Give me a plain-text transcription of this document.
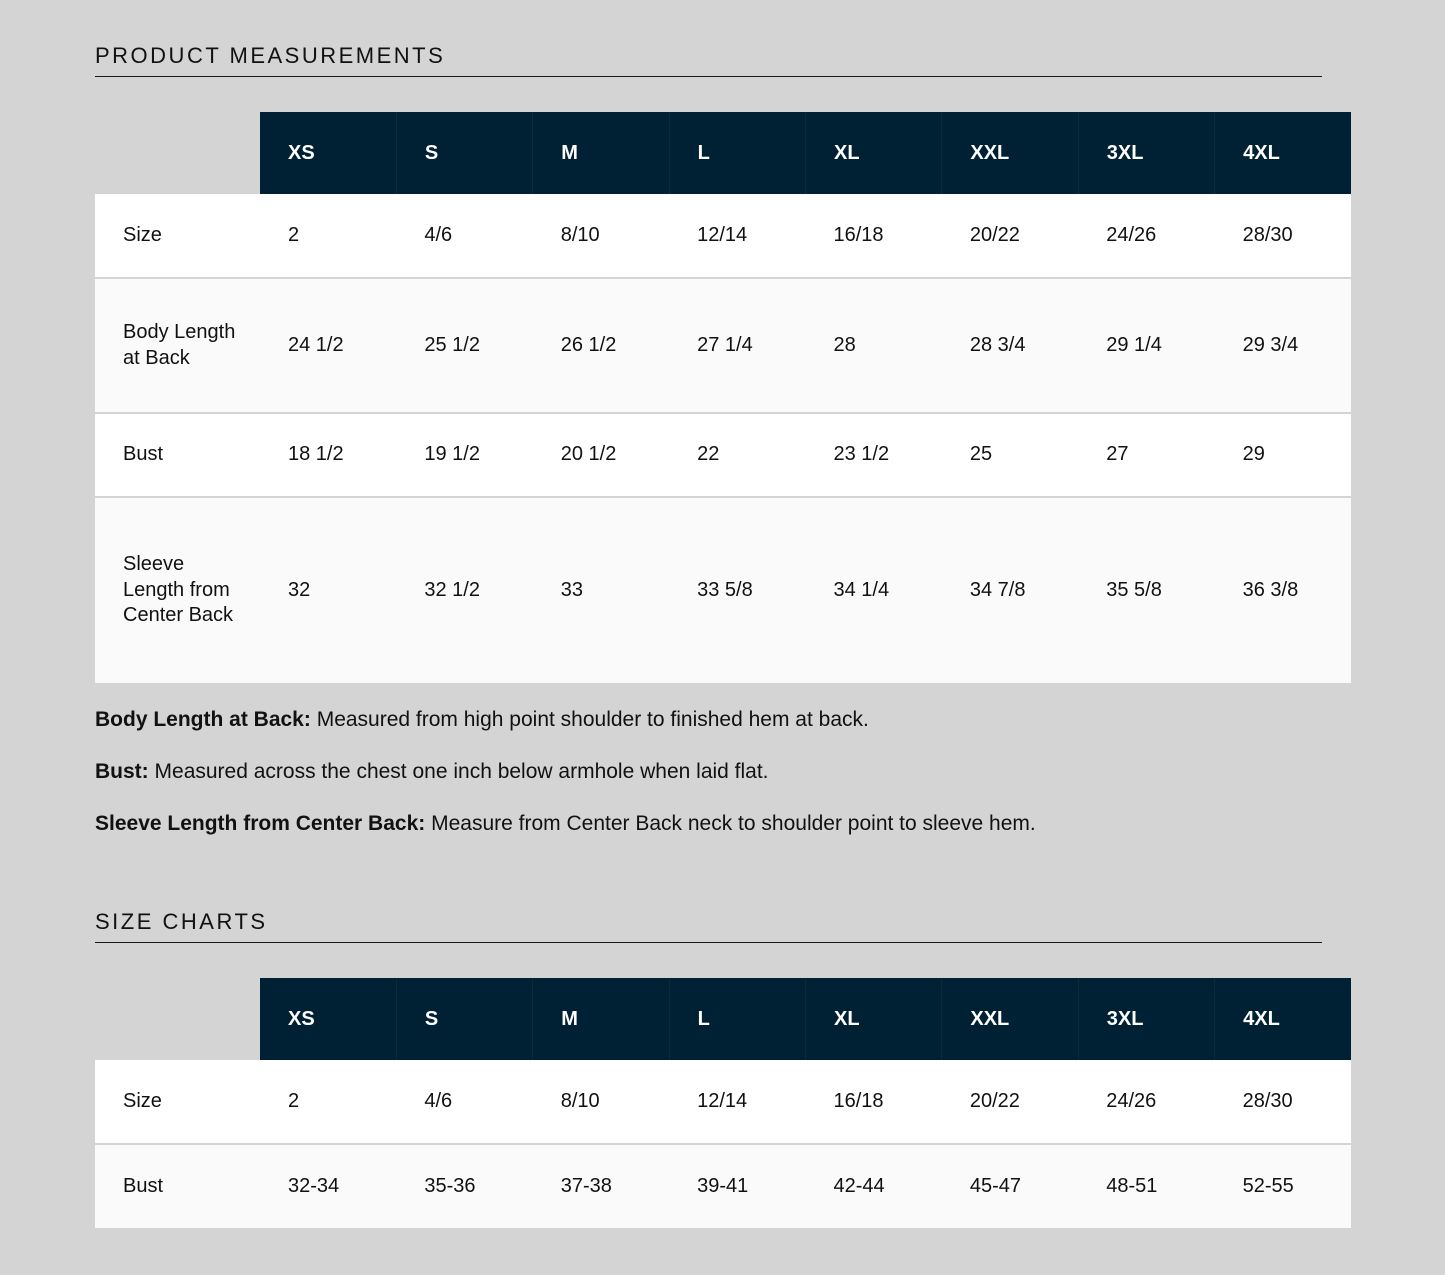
PRODUCT MEASUREMENTS
	XS	S	M	L	XL	XXL	3XL	4XL
Size	2	4/6	8/10	12/14	16/18	20/22	24/26	28/30
Body Length at Back	24 1/2	25 1/2	26 1/2	27 1/4	28	28 3/4	29 1/4	29 3/4
Bust	18 1/2	19 1/2	20 1/2	22	23 1/2	25	27	29
Sleeve Length from Center Back	32	32 1/2	33	33 5/8	34 1/4	34 7/8	35 5/8	36 3/8

Body Length at Back: Measured from high point shoulder to finished hem at back.

Bust: Measured across the chest one inch below armhole when laid flat.

Sleeve Length from Center Back: Measure from Center Back neck to shoulder point to sleeve hem.

SIZE CHARTS
	XS	S	M	L	XL	XXL	3XL	4XL
Size	2	4/6	8/10	12/14	16/18	20/22	24/26	28/30
Bust	32-34	35-36	37-38	39-41	42-44	45-47	48-51	52-55
